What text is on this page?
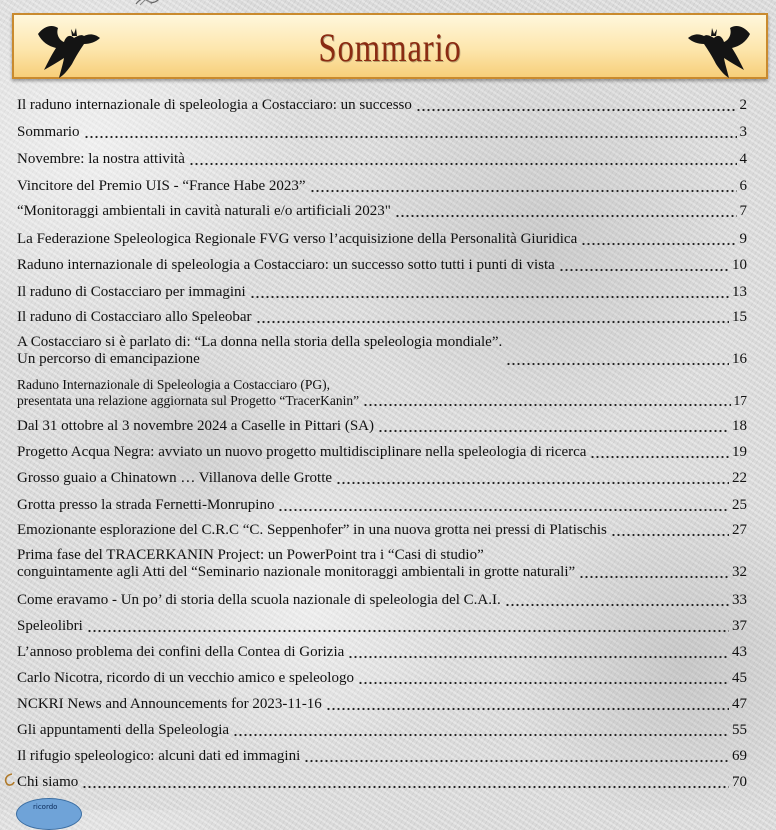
Sommario
Il raduno internazionale di speleologia a Costacciaro: un successo	2
Sommario	3
Novembre: la nostra attività	4
Vincitore del Premio UIS - “France Habe 2023”	6
“Monitoraggi ambientali in cavità naturali e/o artificiali 2023"	7
La Federazione Speleologica Regionale FVG verso l’acquisizione della Personalità Giuridica	9
Raduno internazionale di speleologia a Costacciaro: un successo sotto tutti i punti di vista	10
Il raduno di Costacciaro per immagini	13
Il raduno di Costacciaro allo Speleobar	15
A Costacciaro si è parlato di: “La donna nella storia della speleologia mondiale”.
Un percorso di emancipazione	16
Raduno Internazionale di Speleologia a Costacciaro (PG),
presentata una relazione aggiornata sul Progetto “TracerKanin”	17
Dal 31 ottobre al 3 novembre 2024 a Caselle in Pittari (SA)	18
Progetto Acqua Negra: avviato un nuovo progetto multidisciplinare nella speleologia di ricerca	19
Grosso guaio a Chinatown … Villanova delle Grotte	22
Grotta presso la strada Fernetti-Monrupino	25
Emozionante esplorazione del C.R.C “C. Seppenhofer” in una nuova grotta nei pressi di Platischis	27
Prima fase del TRACERKANIN Project: un PowerPoint tra i “Casi di studio”
conguintamente agli Atti del “Seminario nazionale monitoraggi ambientali in grotte naturali”	32
Come eravamo - Un po’ di storia della scuola nazionale di speleologia del C.A.I.	33
Speleolibri	37
L’annoso problema dei confini della Contea di Gorizia	43
Carlo Nicotra, ricordo di un vecchio amico e speleologo	45
NCKRI News and Announcements for 2023-11-16	47
Gli appuntamenti della Speleologia	55
Il rifugio speleologico: alcuni dati ed immagini	69
Chi siamo	70
ricordo
